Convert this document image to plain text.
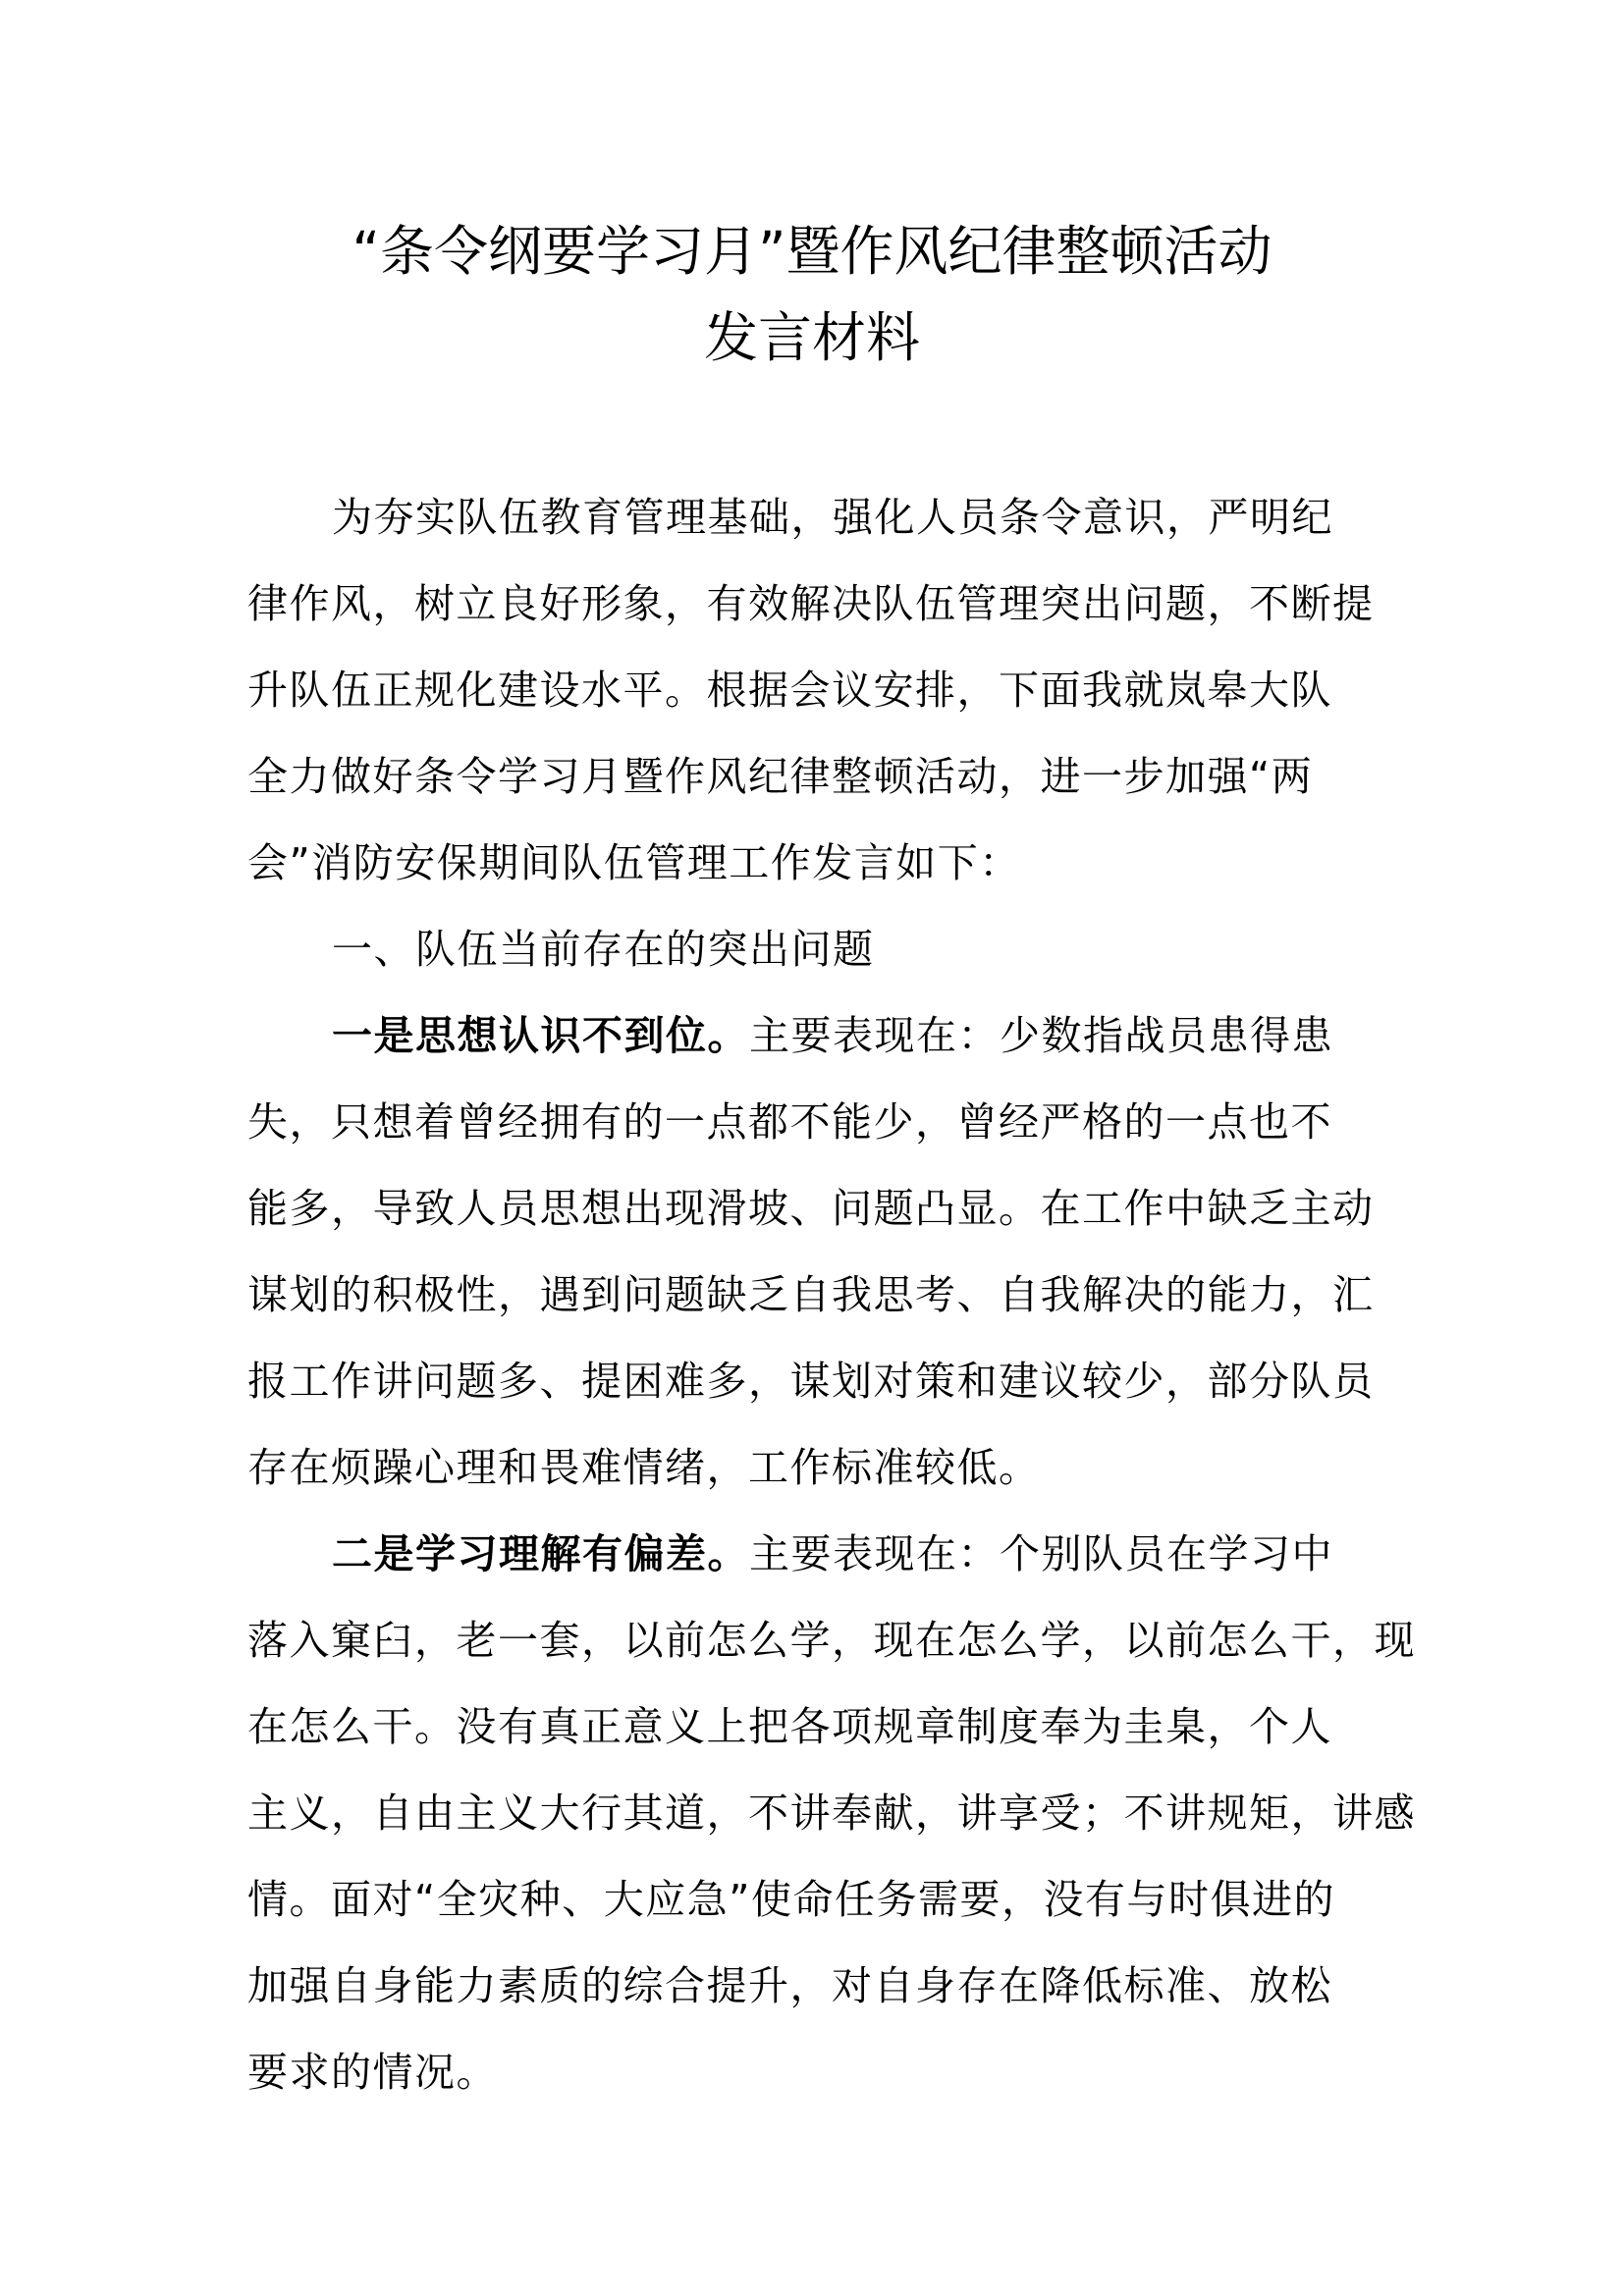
“条令纲要学习月”暨作风纪律整顿活动
发言材料
为夯实队伍教育管理基础，强化人员条令意识，严明纪
律作风，树立良好形象，有效解决队伍管理突出问题，不断提
升队伍正规化建设水平。根据会议安排，下面我就岚皋大队
全力做好条令学习月暨作风纪律整顿活动，进一步加强“两
会”消防安保期间队伍管理工作发言如下：
一、队伍当前存在的突出问题
一是思想认识不到位。主要表现在：少数指战员患得患
失，只想着曾经拥有的一点都不能少，曾经严格的一点也不
能多，导致人员思想出现滑坡、问题凸显。在工作中缺乏主动
谋划的积极性，遇到问题缺乏自我思考、自我解决的能力，汇
报工作讲问题多、提困难多，谋划对策和建议较少，部分队员
存在烦躁心理和畏难情绪，工作标准较低。
二是学习理解有偏差。主要表现在：个别队员在学习中
落入窠臼，老一套，以前怎么学，现在怎么学，以前怎么干，现
在怎么干。没有真正意义上把各项规章制度奉为圭臬，个人
主义，自由主义大行其道，不讲奉献，讲享受；不讲规矩，讲感
情。面对“全灾种、大应急”使命任务需要，没有与时俱进的
加强自身能力素质的综合提升，对自身存在降低标准、放松
要求的情况。
